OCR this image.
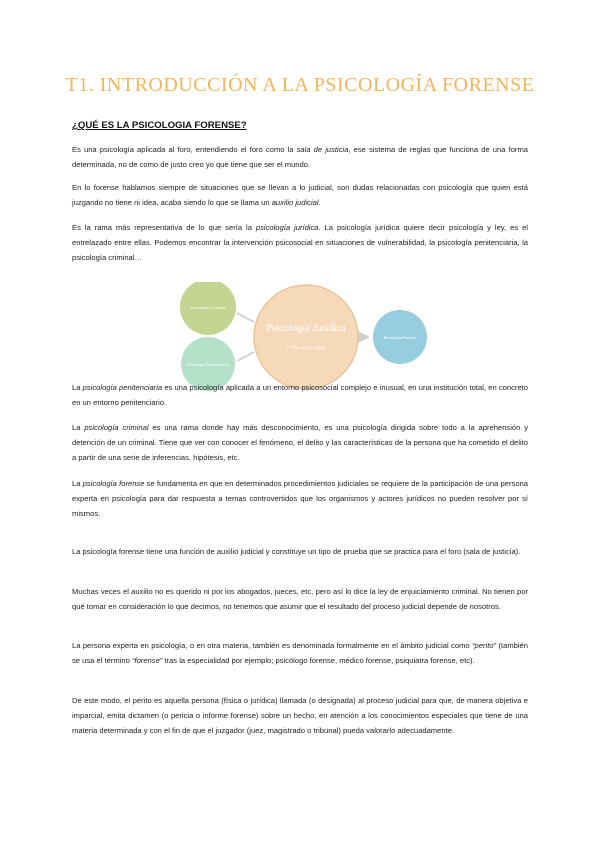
T1. INTRODUCCIÓN A LA PSICOLOGÍA FORENSE
¿QUÉ ES LA PSICOLOGIA FORENSE?

Es una psicología aplicada al foro, entendiendo el foro como la sala de justicia, ese sistema de reglas que funciona de una forma determinada, no de como de justo creo yo que tiene que ser el mundo.

En lo forense hablamos siempre de situaciones que se llevan a lo judicial, son dudas relacionadas con psicología que quien está juzgando no tiene ni idea, acaba siendo lo que se llama un auxilio judicial.

Es la rama más representativa de lo que sería la psicología jurídica. La psicología jurídica quiere decir psicología y ley, es el entrelazado entre ellas. Podemos encontrar la intervención psicosocial en situaciones de vulnerabilidad, la psicología penitenciaria, la psicología criminal…

Psicología Jurídica
(= Psicología legal)
Psicología Criminal
Psicología Penitenciaria
Psicología Forense

La psicología penitenciaria es una psicología aplicada a un entorno psicosocial complejo e inusual, en una institución total, en concreto en un entorno penitenciario.

La psicología criminal es una rama donde hay más desconocimiento, es una psicología dirigida sobre todo a la aprehensión y detención de un criminal. Tiene que ver con conocer el fenómeno, el delito y las características de la persona que ha cometido el delito a partir de una serie de inferencias, hipótesis, etc.

La psicología forense se fundamenta en que en determinados procedimientos judiciales se requiere de la participación de una persona experta en psicología para dar respuesta a temas controvertidos que los organismos y actores jurídicos no pueden resolver por sí mismos.

La psicología forense tiene una función de auxilio judicial y constituye un tipo de prueba que se practica para el foro (sala de justicia).

Muchas veces el auxilio no es querido ni por los abogados, jueces, etc, pero así lo dice la ley de enjuiciamiento criminal. No tienen por qué tomar en consideración lo que decimos, no tenemos que asumir que el resultado del proceso judicial depende de nosotros.

La persona experta en psicología, o en otra materia, también es denominada formalmente en el ámbito judicial como “perito” (también se usa el término “forense” tras la especialidad por ejemplo; psicólogo forense, médico forense, psiquiatra forense, etc).

De este modo, el perito es aquella persona (física o jurídica) llamada (o designada) al proceso judicial para que, de manera objetiva e imparcial, emita dictamen (o pericia o informe forense) sobre un hecho, en atención a los conocimientos especiales que tiene de una materia determinada y con el fin de que el juzgador (juez, magistrado o tribunal) pueda valorarlo adecuadamente.
